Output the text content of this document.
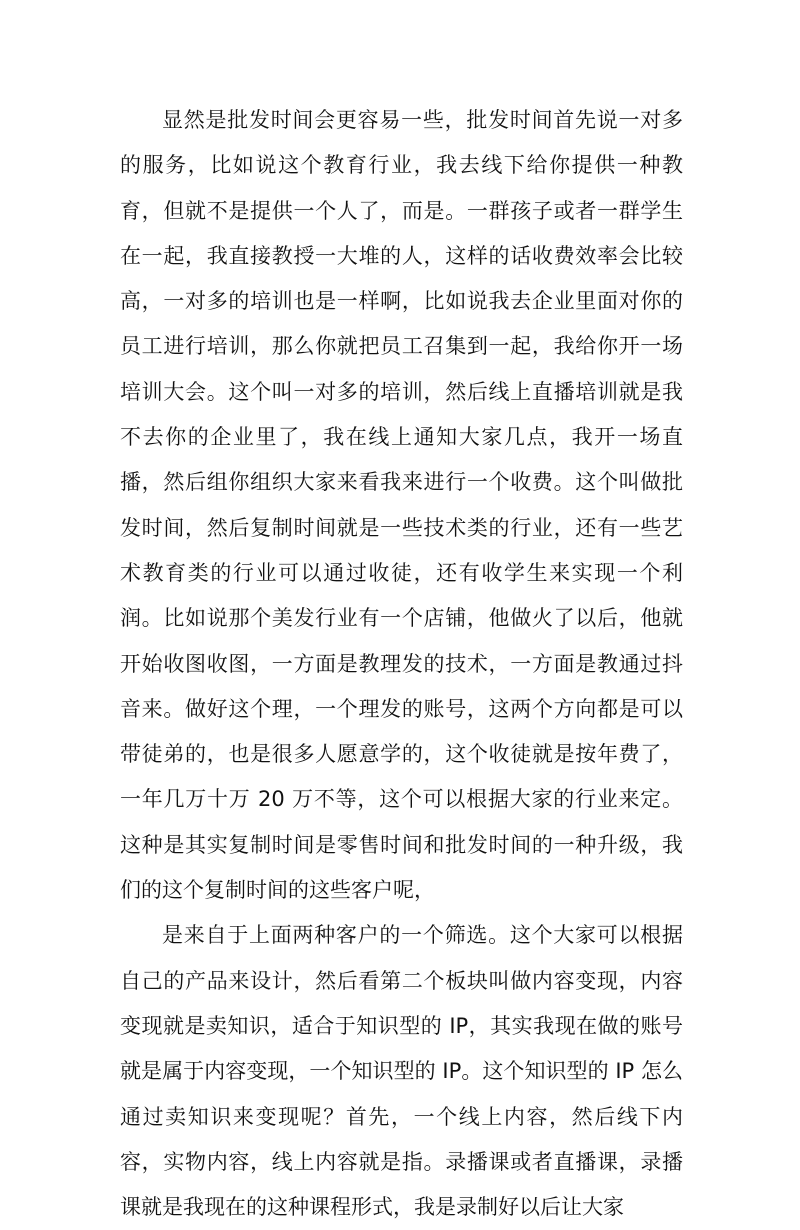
显然是批发时间会更容易一些，批发时间首先说一对多的服务，比如说这个教育行业，我去线下给你提供一种教育，但就不是提供一个人了，而是。一群孩子或者一群学生在一起，我直接教授一大堆的人，这样的话收费效率会比较高，一对多的培训也是一样啊，比如说我去企业里面对你的员工进行培训，那么你就把员工召集到一起，我给你开一场培训大会。这个叫一对多的培训，然后线上直播培训就是我不去你的企业里了，我在线上通知大家几点，我开一场直播，然后组你组织大家来看我来进行一个收费。这个叫做批发时间，然后复制时间就是一些技术类的行业，还有一些艺术教育类的行业可以通过收徒，还有收学生来实现一个利润。比如说那个美发行业有一个店铺，他做火了以后，他就开始收图收图，一方面是教理发的技术，一方面是教通过抖音来。做好这个理，一个理发的账号，这两个方向都是可以带徒弟的，也是很多人愿意学的，这个收徒就是按年费了，一年几万十万 20 万不等，这个可以根据大家的行业来定。这种是其实复制时间是零售时间和批发时间的一种升级，我们的这个复制时间的这些客户呢，

是来自于上面两种客户的一个筛选。这个大家可以根据自己的产品来设计，然后看第二个板块叫做内容变现，内容变现就是卖知识，适合于知识型的 IP，其实我现在做的账号就是属于内容变现，一个知识型的 IP。这个知识型的 IP 怎么通过卖知识来变现呢？首先，一个线上内容，然后线下内容，实物内容，线上内容就是指。录播课或者直播课，录播课就是我现在的这种课程形式，我是录制好以后让大家
